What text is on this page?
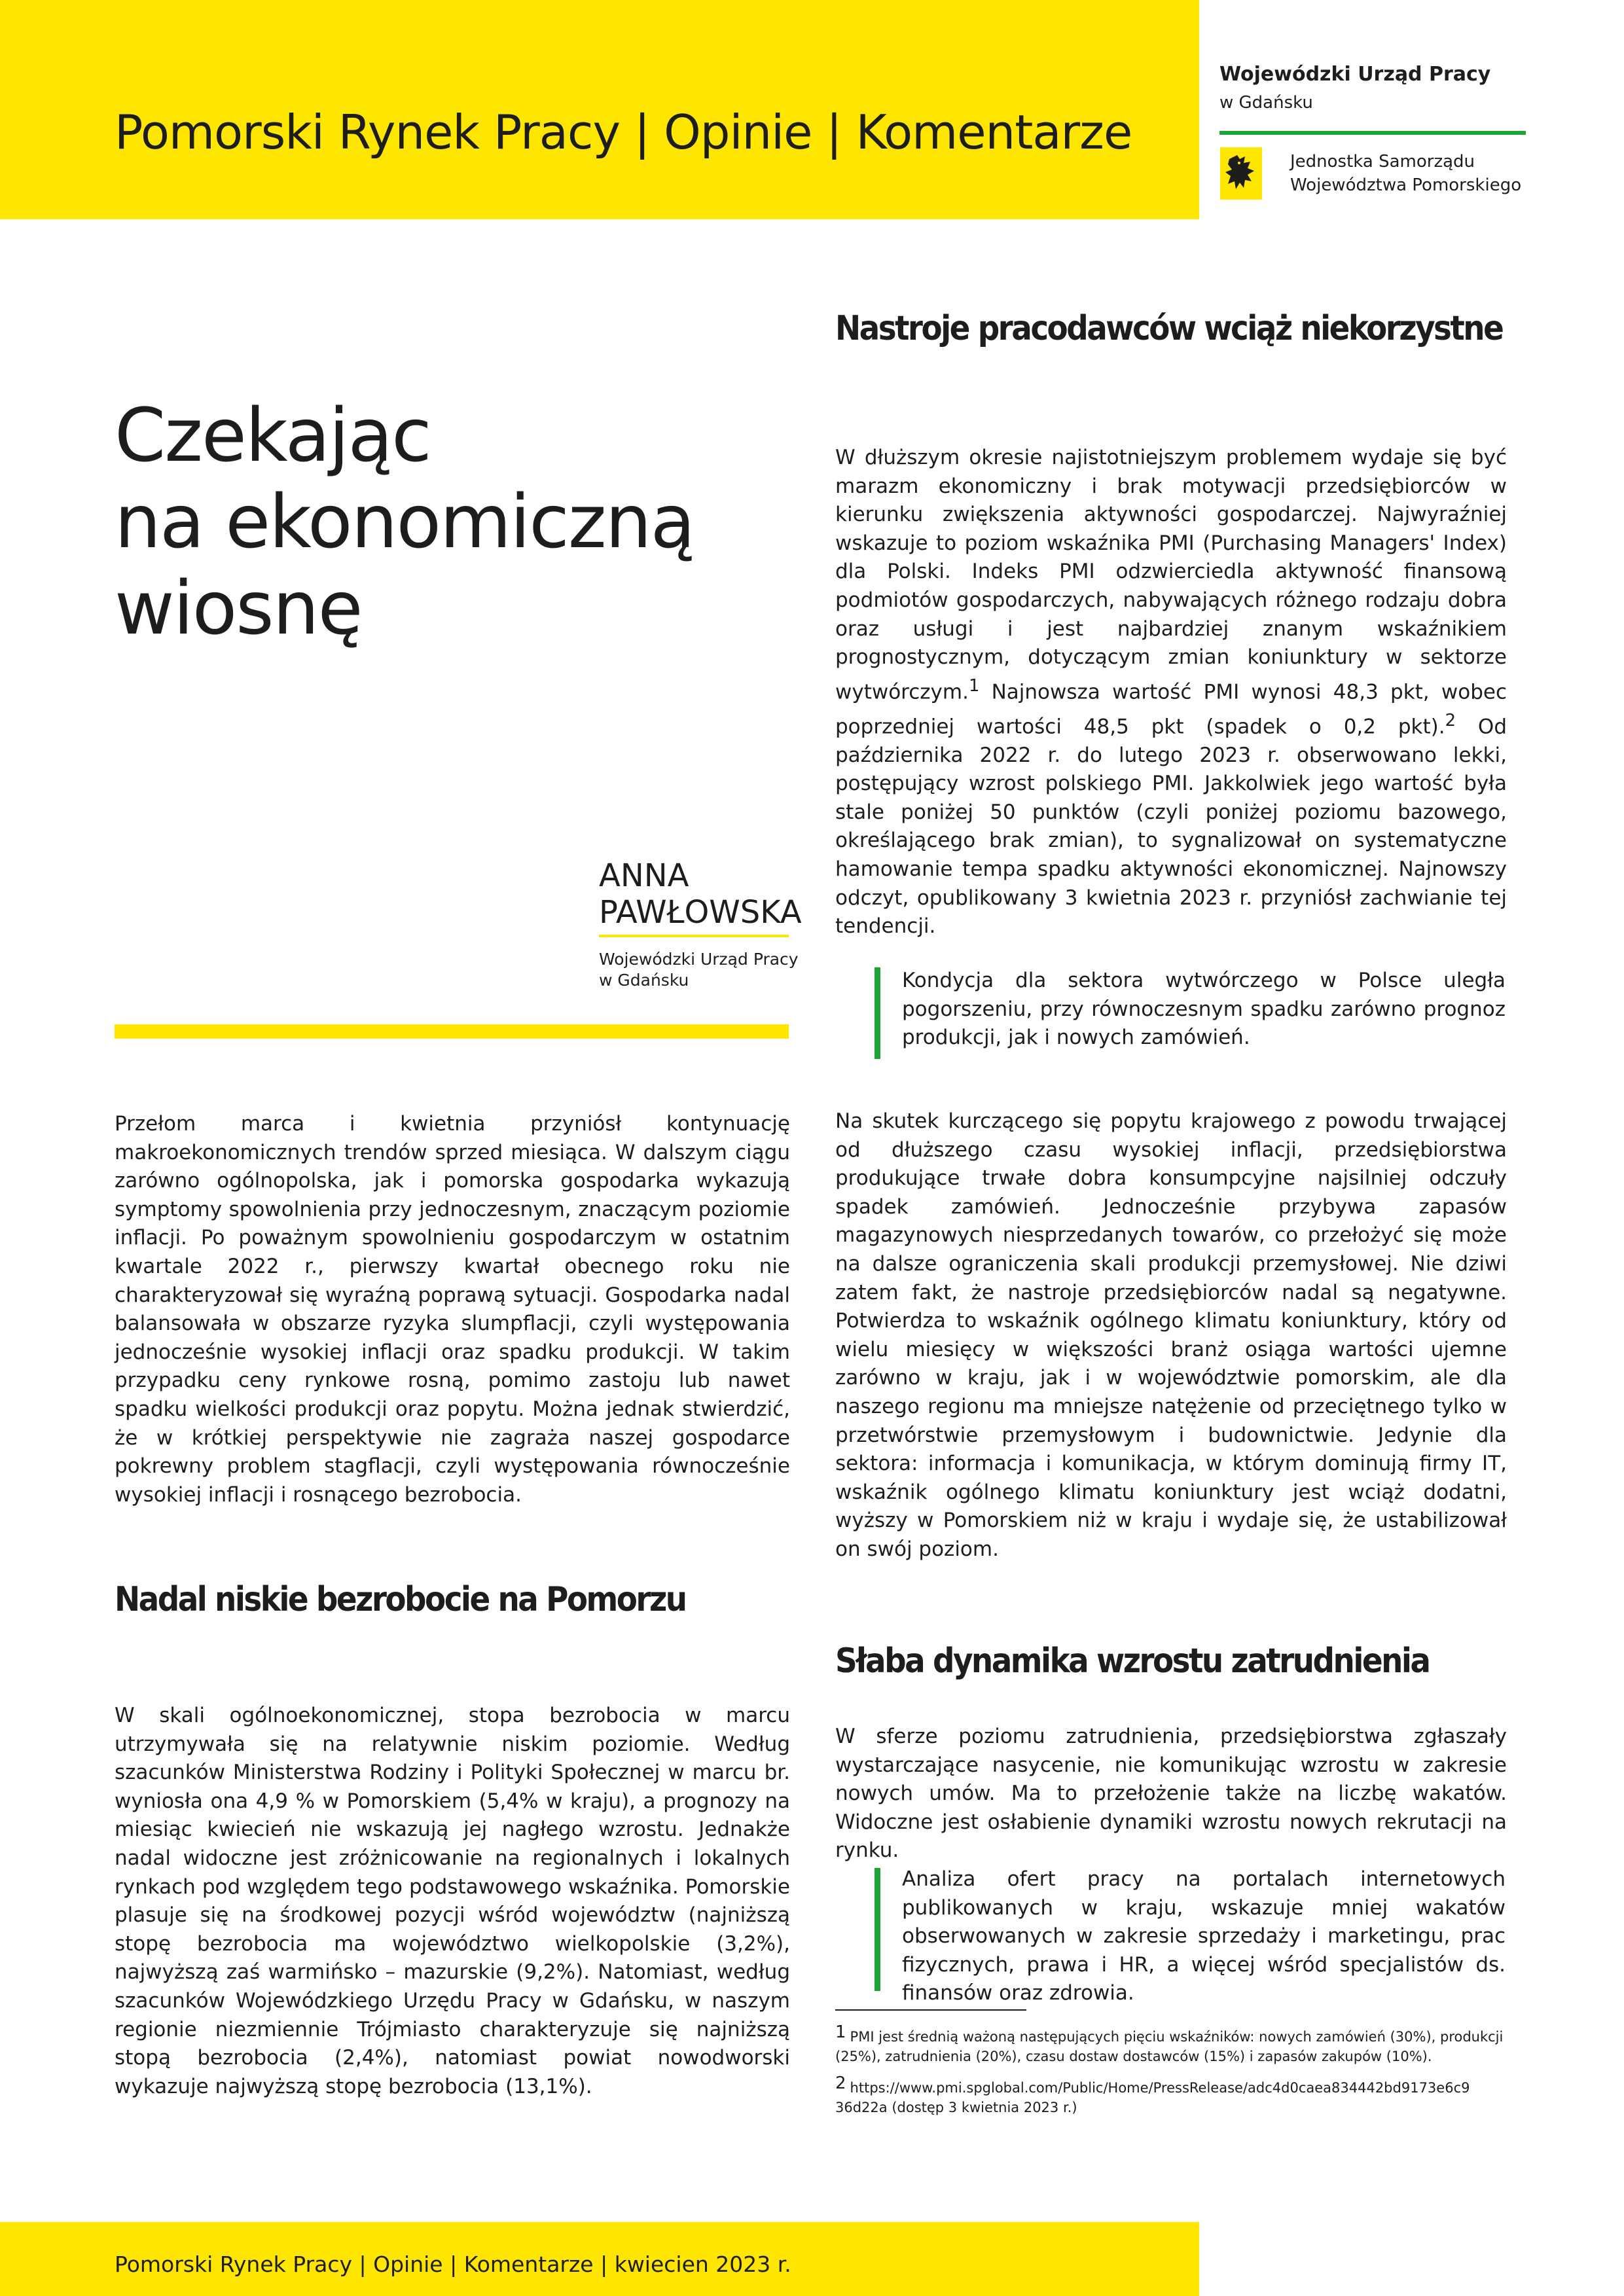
Pomorski Rynek Pracy | Opinie | Komentarze
Wojewódzki Urząd Pracy
w Gdańsku
Jednostka Samorządu
Województwa Pomorskiego
Czekając
na ekonomiczną
wiosnę
ANNA
PAWŁOWSKA
Wojewódzki Urząd Pracy
w Gdańsku
Nastroje pracodawców wciąż niekorzystne
W dłuższym okresie najistotniejszym problemem wydaje się być marazm ekonomiczny i brak motywacji przedsiębiorców w kierunku zwiększenia aktywności gospodarczej. Najwyraźniej wskazuje to poziom wskaźnika PMI (Purchasing Managers' Index) dla Polski. Indeks PMI odzwierciedla aktywność finansową podmiotów gospodarczych, nabywających różnego rodzaju dobra oraz usługi i jest najbardziej znanym wskaźnikiem prognostycznym, dotyczącym zmian koniunktury w sektorze wytwórczym.$^1$ Najnowsza wartość PMI wynosi 48,3 pkt, wobec poprzedniej wartości 48,5 pkt (spadek o 0,2 pkt).$^2$ Od października 2022 r. do lutego 2023 r. obserwowano lekki, postępujący wzrost polskiego PMI. Jakkolwiek jego wartość była stale poniżej 50 punktów (czyli poniżej poziomu bazowego, określającego brak zmian), to sygnalizował on systematyczne hamowanie tempa spadku aktywności ekonomicznej. Najnowszy odczyt, opublikowany 3 kwietnia 2023 r. przyniósł zachwianie tej tendencji.
Kondycja dla sektora wytwórczego w Polsce uległa pogorszeniu, przy równoczesnym spadku zarówno prognoz produkcji, jak i nowych zamówień.
Na skutek kurczącego się popytu krajowego z powodu trwającej od dłuższego czasu wysokiej inflacji, przedsiębiorstwa produkujące trwałe dobra konsumpcyjne najsilniej odczuły spadek zamówień. Jednocześnie przybywa zapasów magazynowych niesprzedanych towarów, co przełożyć się może na dalsze ograniczenia skali produkcji przemysłowej. Nie dziwi zatem fakt, że nastroje przedsiębiorców nadal są negatywne. Potwierdza to wskaźnik ogólnego klimatu koniunktury, który od wielu miesięcy w większości branż osiąga wartości ujemne zarówno w kraju, jak i w województwie pomorskim, ale dla naszego regionu ma mniejsze natężenie od przeciętnego tylko w przetwórstwie przemysłowym i budownictwie. Jedynie dla sektora: informacja i komunikacja, w którym dominują firmy IT, wskaźnik ogólnego klimatu koniunktury jest wciąż dodatni, wyższy w Pomorskiem niż w kraju i wydaje się, że ustabilizował on swój poziom.
Przełom marca i kwietnia przyniósł kontynuację makroekonomicznych trendów sprzed miesiąca. W dalszym ciągu zarówno ogólnopolska, jak i pomorska gospodarka wykazują symptomy spowolnienia przy jednoczesnym, znaczącym poziomie inflacji. Po poważnym spowolnieniu gospodarczym w ostatnim kwartale 2022 r., pierwszy kwartał obecnego roku nie charakteryzował się wyraźną poprawą sytuacji. Gospodarka nadal balansowała w obszarze ryzyka slumpflacji, czyli występowania jednocześnie wysokiej inflacji oraz spadku produkcji. W takim przypadku ceny rynkowe rosną, pomimo zastoju lub nawet spadku wielkości produkcji oraz popytu. Można jednak stwierdzić, że w krótkiej perspektywie nie zagraża naszej gospodarce pokrewny problem stagflacji, czyli występowania równocześnie wysokiej inflacji i rosnącego bezrobocia.
Nadal niskie bezrobocie na Pomorzu
W skali ogólnoekonomicznej, stopa bezrobocia w marcu utrzymywała się na relatywnie niskim poziomie. Według szacunków Ministerstwa Rodziny i Polityki Społecznej w marcu br. wyniosła ona 4,9 % w Pomorskiem (5,4% w kraju), a prognozy na miesiąc kwiecień nie wskazują jej nagłego wzrostu. Jednakże nadal widoczne jest zróżnicowanie na regionalnych i lokalnych rynkach pod względem tego podstawowego wskaźnika. Pomorskie plasuje się na środkowej pozycji wśród województw (najniższą stopę bezrobocia ma województwo wielkopolskie (3,2%), najwyższą zaś warmińsko – mazurskie (9,2%). Natomiast, według szacunków Wojewódzkiego Urzędu Pracy w Gdańsku, w naszym regionie niezmiennie Trójmiasto charakteryzuje się najniższą stopą bezrobocia (2,4%), natomiast powiat nowodworski wykazuje najwyższą stopę bezrobocia (13,1%).
Słaba dynamika wzrostu zatrudnienia
W sferze poziomu zatrudnienia, przedsiębiorstwa zgłaszały wystarczające nasycenie, nie komunikując wzrostu w zakresie nowych umów. Ma to przełożenie także na liczbę wakatów. Widoczne jest osłabienie dynamiki wzrostu nowych rekrutacji na rynku.
Analiza ofert pracy na portalach internetowych publikowanych w kraju, wskazuje mniej wakatów obserwowanych w zakresie sprzedaży i marketingu, prac fizycznych, prawa i HR, a więcej wśród specjalistów ds. finansów oraz zdrowia.
$^1$ PMI jest średnią ważoną następujących pięciu wskaźników: nowych zamówień (30%), produkcji (25%), zatrudnienia (20%), czasu dostaw dostawców (15%) i zapasów zakupów (10%).
$^2$ https://www.pmi.spglobal.com/Public/Home/PressRelease/adc4d0caea834442bd9173e6c9 36d22a (dostęp 3 kwietnia 2023 r.)
Pomorski Rynek Pracy | Opinie | Komentarze | kwiecien 2023 r.
